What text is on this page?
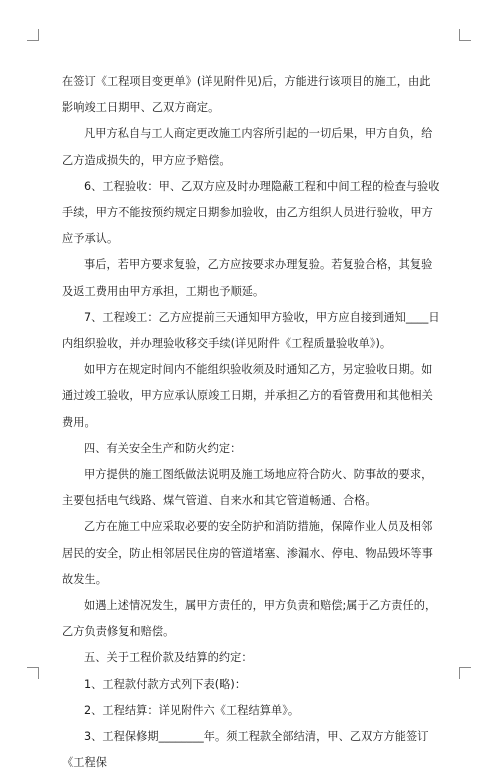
在签订《工程项目变更单》(详见附件见)后，方能进行该项目的施工，由此影响竣工日期甲、乙双方商定。

凡甲方私自与工人商定更改施工内容所引起的一切后果，甲方自负，给乙方造成损失的，甲方应予赔偿。

6、工程验收：甲、乙双方应及时办理隐蔽工程和中间工程的检查与验收手续，甲方不能按预约规定日期参加验收，由乙方组织人员进行验收，甲方应予承认。

事后，若甲方要求复验，乙方应按要求办理复验。若复验合格，其复验及返工费用由甲方承担，工期也予顺延。

7、工程竣工：乙方应提前三天通知甲方验收，甲方应自接到通知____日内组织验收，并办理验收移交手续(详见附件《工程质量验收单》)。

如甲方在规定时间内不能组织验收须及时通知乙方，另定验收日期。如通过竣工验收，甲方应承认原竣工日期，并承担乙方的看管费用和其他相关费用。

四、有关安全生产和防火约定：

甲方提供的施工图纸做法说明及施工场地应符合防火、防事故的要求，主要包括电气线路、煤气管道、自来水和其它管道畅通、合格。

乙方在施工中应采取必要的安全防护和消防措施，保障作业人员及相邻居民的安全，防止相邻居民住房的管道堵塞、渗漏水、停电、物品毁坏等事故发生。

如遇上述情况发生，属甲方责任的，甲方负责和赔偿;属于乙方责任的，乙方负责修复和赔偿。

五、关于工程价款及结算的约定：

1、工程款付款方式列下表(略)：

2、工程结算：详见附件六《工程结算单》。

3、工程保修期________年。须工程款全部结清，甲、乙双方方能签订《工程保
